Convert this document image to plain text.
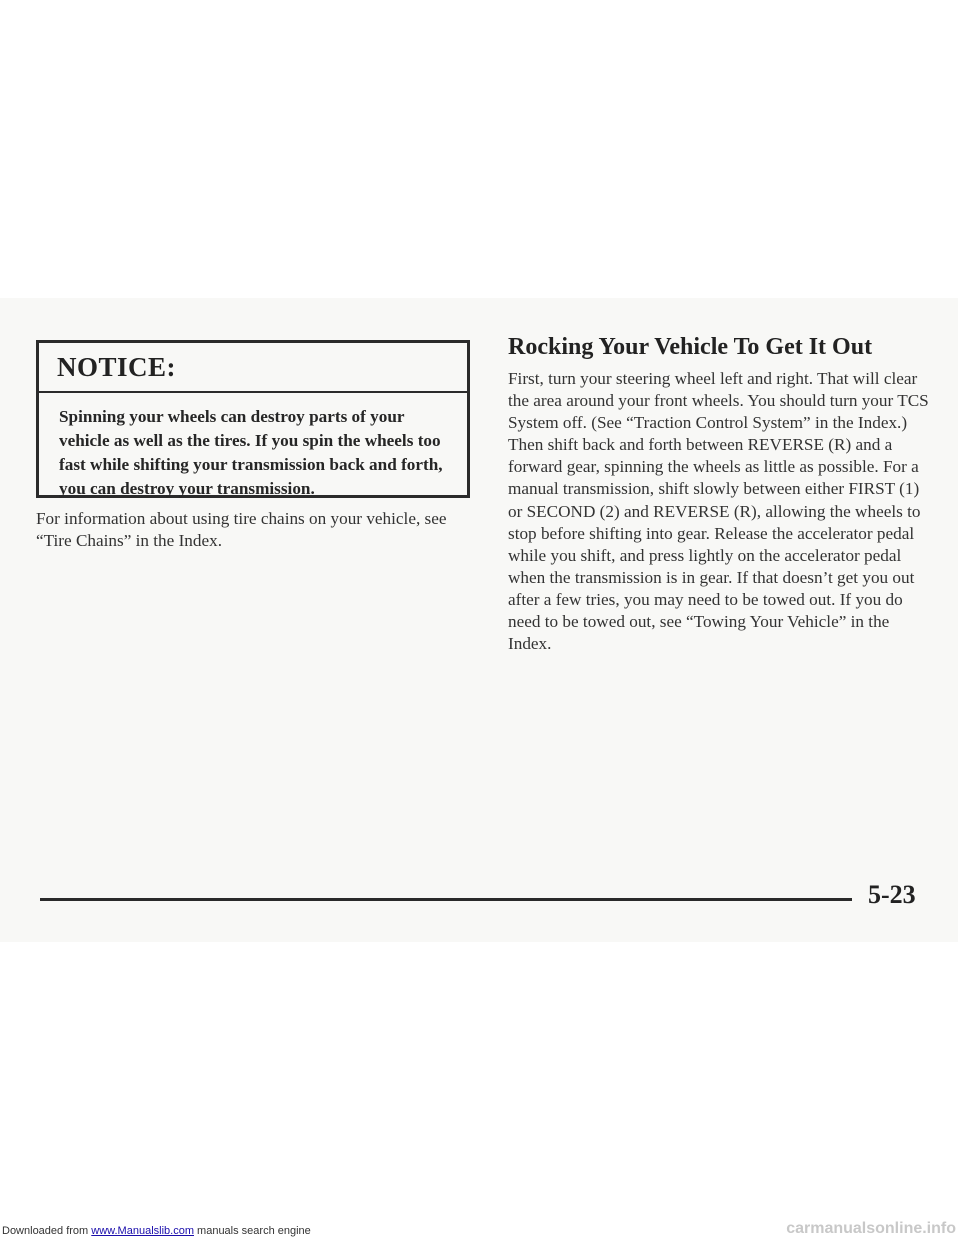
NOTICE:
Spinning your wheels can destroy parts of your vehicle as well as the tires. If you spin the wheels too fast while shifting your transmission back and forth, you can destroy your transmission.
For information about using tire chains on your vehicle, see “Tire Chains” in the Index.
Rocking Your Vehicle To Get It Out
First, turn your steering wheel left and right. That will clear the area around your front wheels. You should turn your TCS System off. (See “Traction Control System” in the Index.) Then shift back and forth between REVERSE (R) and a forward gear, spinning the wheels as little as possible. For a manual transmission, shift slowly between either FIRST (1) or SECOND (2) and REVERSE (R), allowing the wheels to stop before shifting into gear. Release the accelerator pedal while you shift, and press lightly on the accelerator pedal when the transmission is in gear. If that doesn’t get you out after a few tries, you may need to be towed out. If you do need to be towed out, see “Towing Your Vehicle” in the Index.
5-23
Downloaded from www.Manualslib.com manuals search engine	carmanualsonline.info
